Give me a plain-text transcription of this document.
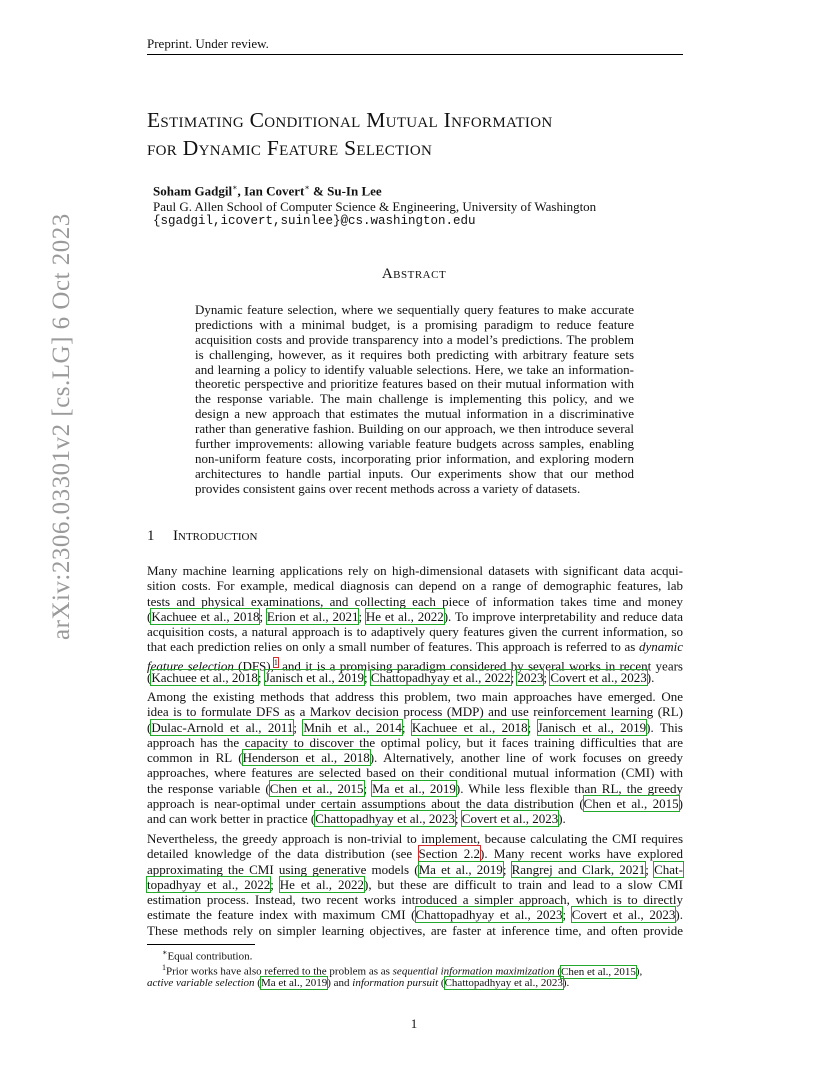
Preprint. Under review.
Estimating Conditional Mutual Information
for Dynamic Feature Selection
Soham Gadgil∗, Ian Covert∗ & Su-In Lee
Paul G. Allen School of Computer Science & Engineering, University of Washington
{sgadgil,icovert,suinlee}@cs.washington.edu
Abstract
Dynamic feature selection, where we sequentially query features to make accurate
predictions with a minimal budget, is a promising paradigm to reduce feature
acquisition costs and provide transparency into a model’s predictions. The problem
is challenging, however, as it requires both predicting with arbitrary feature sets
and learning a policy to identify valuable selections. Here, we take an information-
theoretic perspective and prioritize features based on their mutual information with
the response variable. The main challenge is implementing this policy, and we
design a new approach that estimates the mutual information in a discriminative
rather than generative fashion. Building on our approach, we then introduce several
further improvements: allowing variable feature budgets across samples, enabling
non-uniform feature costs, incorporating prior information, and exploring modern
architectures to handle partial inputs. Our experiments show that our method
provides consistent gains over recent methods across a variety of datasets.
1 Introduction
Many machine learning applications rely on high-dimensional datasets with significant data acqui-
sition costs. For example, medical diagnosis can depend on a range of demographic features, lab
tests and physical examinations, and collecting each piece of information takes time and money
(Kachuee et al., 2018; Erion et al., 2021; He et al., 2022). To improve interpretability and reduce data
acquisition costs, a natural approach is to adaptively query features given the current information, so
that each prediction relies on only a small number of features. This approach is referred to as dynamic
feature selection (DFS),$^1$ and it is a promising paradigm considered by several works in recent years
(Kachuee et al., 2018; Janisch et al., 2019; Chattopadhyay et al., 2022; 2023; Covert et al., 2023).
Among the existing methods that address this problem, two main approaches have emerged. One
idea is to formulate DFS as a Markov decision process (MDP) and use reinforcement learning (RL)
(Dulac-Arnold et al., 2011; Mnih et al., 2014; Kachuee et al., 2018; Janisch et al., 2019). This
approach has the capacity to discover the optimal policy, but it faces training difficulties that are
common in RL (Henderson et al., 2018). Alternatively, another line of work focuses on greedy
approaches, where features are selected based on their conditional mutual information (CMI) with
the response variable (Chen et al., 2015; Ma et al., 2019). While less flexible than RL, the greedy
approach is near-optimal under certain assumptions about the data distribution (Chen et al., 2015)
and can work better in practice (Chattopadhyay et al., 2023; Covert et al., 2023).
Nevertheless, the greedy approach is non-trivial to implement, because calculating the CMI requires
detailed knowledge of the data distribution (see Section 2.2). Many recent works have explored
approximating the CMI using generative models (Ma et al., 2019; Rangrej and Clark, 2021; Chat-
topadhyay et al., 2022; He et al., 2022), but these are difficult to train and lead to a slow CMI
estimation process. Instead, two recent works introduced a simpler approach, which is to directly
estimate the feature index with maximum CMI (Chattopadhyay et al., 2023; Covert et al., 2023).
These methods rely on simpler learning objectives, are faster at inference time, and often provide
∗Equal contribution.
$^1$Prior works have also referred to the problem as as sequential information maximization (Chen et al., 2015),
active variable selection (Ma et al., 2019) and information pursuit (Chattopadhyay et al., 2023).
1
arXiv:2306.03301v2 [cs.LG] 6 Oct 2023
